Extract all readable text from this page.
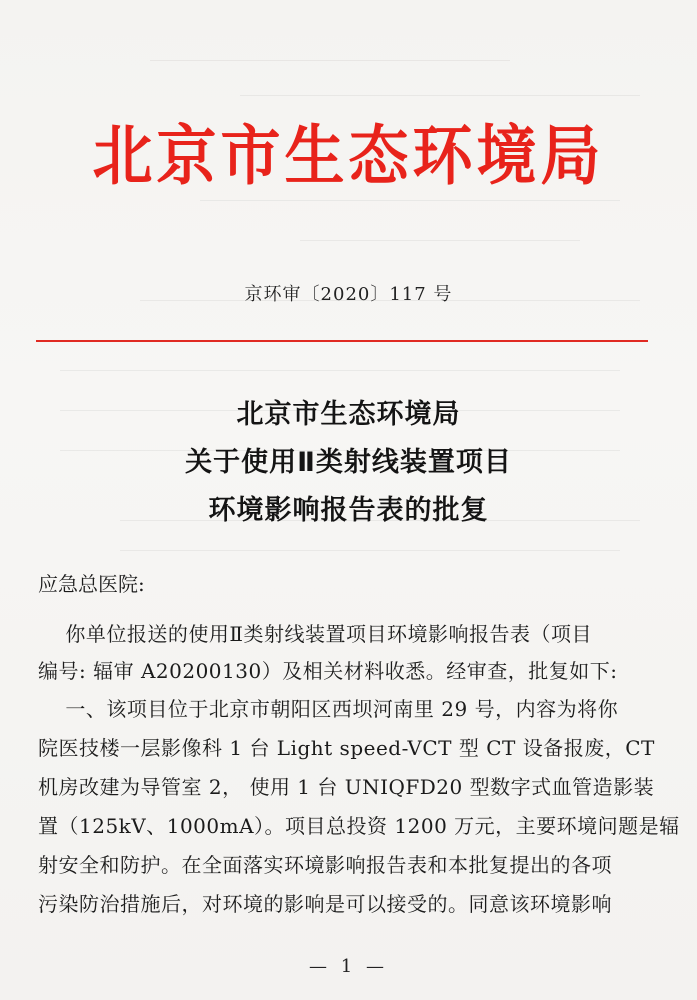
北京市生态环境局
京环审〔2020〕117 号
北京市生态环境局
关于使用Ⅱ类射线装置项目
环境影响报告表的批复
应急总医院:
你单位报送的使用Ⅱ类射线装置项目环境影响报告表（项目
编号: 辐审 A20200130）及相关材料收悉。经审查，批复如下:
一、该项目位于北京市朝阳区西坝河南里 29 号，内容为将你
院医技楼一层影像科 1 台 Light speed-VCT 型 CT 设备报废，CT
机房改建为导管室 2， 使用 1 台 UNIQFD20 型数字式血管造影装
置（125kV、1000mA）。项目总投资 1200 万元，主要环境问题是辐
射安全和防护。在全面落实环境影响报告表和本批复提出的各项
污染防治措施后，对环境的影响是可以接受的。同意该环境影响
— 1 —
